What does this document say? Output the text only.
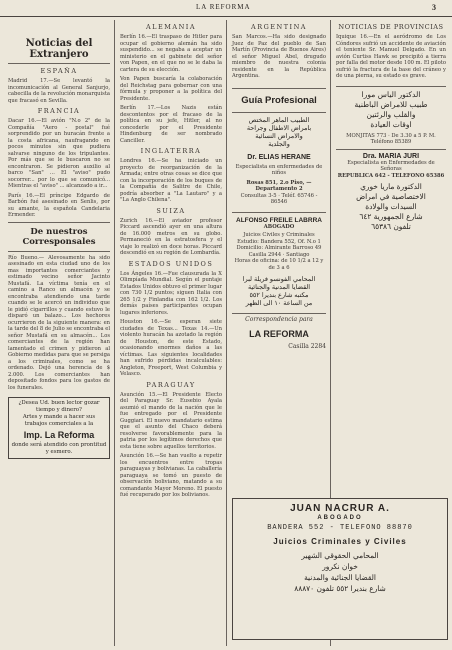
LA REFORMA	3
Noticias del Extranjero
ESPAÑA
Madrid 17.—Se levantó la incomunicación al General Sanjurjo, cabecilla de la revolución monarquista que fracasó en Sevilla.
FRANCIA
Dacar 16.—El avión "N.o 2" de la Compañía "Aero - postal" fué sorprendido por un huracán frente a la costa africana, naufragando en pocos minutos sin que pudiera salvarse ninguno de los tripulantes. Por más que se le buscaron no se encontraron. Se pidieron auxilio al barco "San" ... El "aviso" pudo socorrer... por lo que se comunicó... Mientras el "aviso" ... alcanzado a ir...
París 16.—El príncipe Edgardo de Barbón fué asesinado en Senlis, por su amante, la española Candelaria Ermender.
De nuestros Corresponsales
Río Bueno.— Alevosamente ha sido asesinado en esta ciudad uno de los mas importantes comerciantes y estimado vecino señor Jacinto Mustafá. La víctima tenía en el camino a Ranco un almacén y se encontraba atendiendo una tarde cuando se le acercó un individuo que le pidió cigarrillos y cuando estuvo le disparó un balazo... Los hechores ocurrieron de la siguiente manera: en la tarde del 8 de Julio se encontraba el señor Mustafá en su almacén... Los comerciantes de la región han lamentado el crimen y pidieron al Gobierno medidas para que se persiga a los criminales, como se ha ordenado. Dejó una herencia de $ 2.000. Los comerciantes han depositado fondos para los gastos de los funerales.
¿Desea Ud. buen lector gozar tiempo y dinero?
Artes y mande a hacer sus trabajos comerciales a la
Imp. La Reforma
donde será atendido con prontitud y esmero.
ALEMANIA
Berlín 16.—El traspaso de Hitler para ocupar el gobierno alemán ha sido suspendido... se negaba a aceptar un ministerio en el gabinete del señor von Papen, en el que no se le daba la cartera de su elección.
Von Papen buscaría la colaboración del Reichstag para gobernar con una fórmula y proponer a la política del Presidente.
Berlín 17.—Los Nazis están descontentos por el fracaso de la política en su jefe, Hitler, al no concederle por el Presidente Hindenburg de ser nombrado Canciller.
INGLATERRA
Londres 16.—Se ha iniciado un proyecto de reorganización de la Armada; entre otras cosas se dice que con la incorporación de los buques de la Compañía de Salitre de Chile, podría absorber a "La Lautaro" y a "La Anglo Chilena".
SUIZA
Zurich 16.—El aviador profesor Piccard ascendió ayer en una altura de 16.000 metros en su globo. Permaneció en la estratosfera y el viaje lo realizó en doce horas. Piccard descendió en su región de Lombardía.
ESTADOS UNIDOS
Los Ángeles 16.—Fue clausurada la X Olimpíada Mundial. Según el puntaje Estados Unidos obtuvo el primer lugar con 730 1/2 puntos; siguen Italia con 265 1/2 y Finlandia con 162 1/2. Los demás países participantes ocupan lugares inferiores.
Houston 16.—Se esperan siete ciudades de Texas... Texas 14.—Un violento huracán ha azotado la región de Houston, de este Estado, ocasionando enormes daños a las víctimas. Las siguientes localidades han sufrido pérdidas incalculables: Angleton, Freeport, West Columbia y Velasco.
PARAGUAY
Asunción 15.—El Presidente Electo del Paraguay Sr. Eusebio Ayala asumió el mando de la nación que le fue entregado por el Presidente Guggiari. El nuevo mandatario estima que el asunto del Chaco deberá resolverse favorablemente para la patria por los legítimos derechos que esta tiene sobre aquellos territorios.
Asunción 16.—Se han vuelto a repetir los encuentros entre tropas paraguayas y bolivianas. La caballería paraguaya se tomó un puesto de observación boliviano, matando a su comandante Mayor Moreno. El puesto fué recuperado por los bolivianos.
ARGENTINA
San Marcos.—Ha sido designado Juez de Paz del pueblo de San Martín (Provincia de Buenos Aires) el señor Miguel Abel, drugudo miembro de nuestra colonia residente en la República Argentina.
Guía Profesional
الطبيب الماهر المختص
بامراض الاطفال وجراحة
والامراض النسائية
والجلدية
Dr. ELIAS HERANE
Especialista en enfermedades de niños
Rosas 851, 2.o Piso, — Departamento 2
Consultas 3-5 · Teléf. 65746 - 86546
ALFONSO FREILE LABRRA
ABOGADO
Juicios Civiles y Criminales
Estudio: Bandera 552, Of. N.o 1
Domicilio: Almirante Barroso 49
Casilla 2944 · Santiago
Horas de oficina: de 10 1/2 a 12 y de 3 a 6
المحامي الفونسو فريلة لبرا
القضايا المدنية والجنائية
مكتبه شارع بنديرا ٥٥٢
من الساعة ١٠ الى الظهر
Correspondencia para
LA REFORMA
Casilla 2284
NOTICIAS DE PROVINCIAS
Iquique 16.—En el aeródromo de Los Cóndores sufrió un accidente de aviación el teniente Sr. Manuel Delgado. En un avión Curtiss Hawk se precipitó a tierra por falla del motor desde 100 m. El piloto sufrió la fractura de la base del cráneo y de una pierna, su estado es grave.
الدكتور الياس مورا
طبيب للامراض الباطنية
والقلب والرئتين
اوقات العيادة
MONJITAS 773 · De 3.30 a 5 P. M. Teléfono 85389
Dra. MARIA JURI
Especialista en Enfermedades de Señoras
REPUBLICA 642 - TELEFONO 65386
الدكتورة ماريا خوري
الاختصاصية في امراض
السيدات والولادة
شارع الجمهورية ٦٤٢
تلفون ٦٥٣٨٦
JUAN NACRUR A.
ABOGADO
BANDERA 552 - TELEFONO 88870
Juicios Criminales y Civiles
المحامي الحقوقي الشهير
خوان نكرور
القضايا الجنائية والمدنية
شارع بنديرا ٥٥٢ تلفون ٨٨٨٧٠
